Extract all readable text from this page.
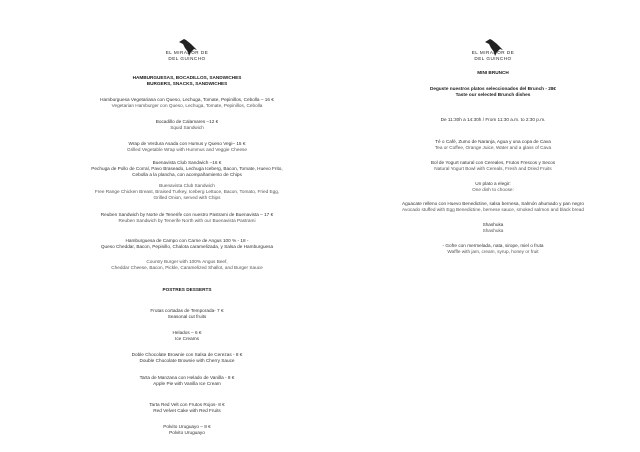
EL MIRADOR DE
DEL GUINCHO
HAMBURGUESAS, BOCADILLOS, SANDWICHES
BURGERS, SNACKS, SANDWICHES
Hamburguesa Vegetariana con Queso, Lechuga, Tomate, Pepinillos, Cebolla – 16 €
Vegetarian Hamburger con Queso, Lechuga, Tomate, Pepinillos, Cebolla
Bocadillo de Calamares –12 €
Squid Sandwich
Wrap de Verdura Asada con Humus y Queso Vegi– 15 €
Grilled Vegetable Wrap with Hummus and Veggie Cheese
Buenavista Club Sandwich –16 €
Pechuga de Pollo de Corral, Pavo Braseado, Lechuga Iceberg, Bacon, Tomate, Huevo Frito,
Cebolla a la plancha, con acompañamiento de Chips
Buenavista Club Sandwich
Free Range Chicken Breast, Braised Turkey, Iceberg Lettuce, Bacon, Tomato, Fried Egg,
Grilled Onion, served with Chips
Reuben Sandwich by Norte de Tenerife con nuestro Pastrami de Buenavista – 17 €
Reuben Sandwich by Tenerife North with our Buenavista Pastrami
Hamburguesa de Campo con Carne de Angus 100 % - 18 -
Queso Cheddar, Bacon, Pepinillo, Chalota caramelizada, y Salsa de Hamburguesa
Country Burger with 100% Angus Beef,
Cheddar Cheese, Bacon, Pickle, Caramelized Shallot, and Burger Sauce
POSTRES DESSERTS
Frutas cortadas de Temporada- 7 €
Seasonal cut fruits
Helados – 6 €
Ice Creams
Doble Chocolate Brownie con Salsa de Cerezas - 8 €
Double Chocolate Brownie with Cherry Sauce
Tarta de Manzana con Helado de Vanilla - 8 €
Apple Pie with Vanilla Ice Cream
Tarta Red Velt con Frutos Rojos- 8 €
Red Velvet Cake with Red Fruits
Polvito Uruguayo – 8 €
Polvito Uruguayo
EL MIRADOR DE
DEL GUINCHO
MINI BRUNCH
Deguste nuestros platos seleccionados del Brunch - 28€
Taste our selected Brunch dishes
De 11:30h a 14:30h / From 11:30 a.m. to 2:30 p.m.
Té o Café, Zumo de Naranja, Agua y una copa de Cava
Tea or Coffee, Orange Juice, Water and a glass of Cava
Bol de Yogurt natural con Cereales, Frutos Frescos y Secos
Natural Yogurt Bowl with Cereals, Fresh and Dried Fruits
Un plato a elegir:
One dish to choose:
Aguacate relleno con Huevo Benedictine, salsa bernesa, Salmón ahumado y pan negro
Avocado stuffed with Egg Benedictine, bernese sauce, smoked salmon and black bread
Shashuka
Shashuka
- Gofre con mermelada, nata, sirope, miel o fruta
Waffle with jam, cream, syrup, honey or fruit
